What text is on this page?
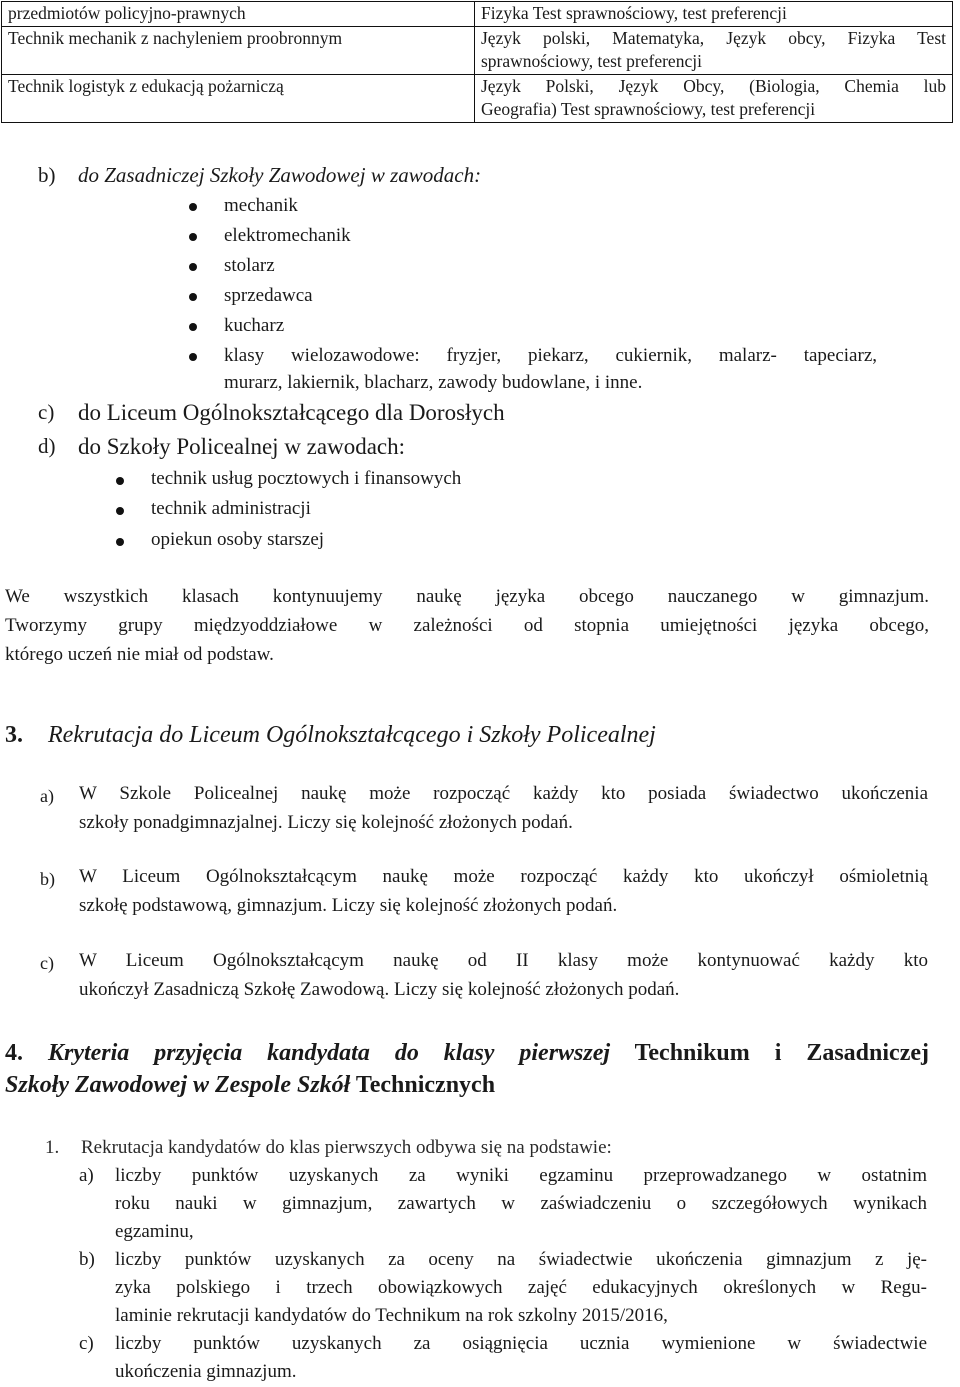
przedmiotów policyjno-prawnych	Fizyka Test sprawnościowy, test preferencji

Technik mechanik z nachyleniem proobronnym	Język polski, Matematyka, Język obcy, Fizyka Test
sprawnościowy, test preferencji

Technik logistyk z edukacją pożarniczą	Język Polski, Język Obcy, (Biologia, Chemia lub
Geografia) Test sprawnościowy, test preferencji
b) do Zasadniczej Szkoły Zawodowej w zawodach:
mechanik
elektromechanik
stolarz
sprzedawca
kucharz
klasy wielozawodowe: fryzjer, piekarz, cukiernik, malarz- tapeciarz,
murarz, lakiernik, blacharz, zawody budowlane, i inne.
c) do Liceum Ogólnokształcącego dla Dorosłych
d) do Szkoły Policealnej w zawodach:
technik usług pocztowych i finansowych
technik administracji
opiekun osoby starszej
We wszystkich klasach kontynuujemy naukę języka obcego nauczanego w gimnazjum.
Tworzymy grupy międzyoddziałowe w zależności od stopnia umiejętności języka obcego,
którego uczeń nie miał od podstaw.
3. Rekrutacja do Liceum Ogólnokształcącego i Szkoły Policealnej
a) W Szkole Policealnej naukę może rozpocząć każdy kto posiada świadectwo ukończenia
szkoły ponadgimnazjalnej. Liczy się kolejność złożonych podań.
b) W Liceum Ogólnokształcącym naukę może rozpocząć każdy kto ukończył ośmioletnią
szkołę podstawową, gimnazjum. Liczy się kolejność złożonych podań.
c) W Liceum Ogólnokształcącym naukę od II klasy może kontynuować każdy kto
ukończył Zasadniczą Szkołę Zawodową. Liczy się kolejność złożonych podań.
4. Kryteria przyjęcia kandydata do klasy pierwszej Technikum i Zasadniczej
Szkoły Zawodowej w Zespole Szkół Technicznych
1. Rekrutacja kandydatów do klas pierwszych odbywa się na podstawie:
a) liczby punktów uzyskanych za wyniki egzaminu przeprowadzanego w ostatnim
roku nauki w gimnazjum, zawartych w zaświadczeniu o szczegółowych wynikach
egzaminu,
b) liczby punktów uzyskanych za oceny na świadectwie ukończenia gimnazjum z ję-
zyka polskiego i trzech obowiązkowych zajęć edukacyjnych określonych w Regu-
laminie rekrutacji kandydatów do Technikum na rok szkolny 2015/2016,
c) liczby punktów uzyskanych za osiągnięcia ucznia wymienione w świadectwie
ukończenia gimnazjum.
